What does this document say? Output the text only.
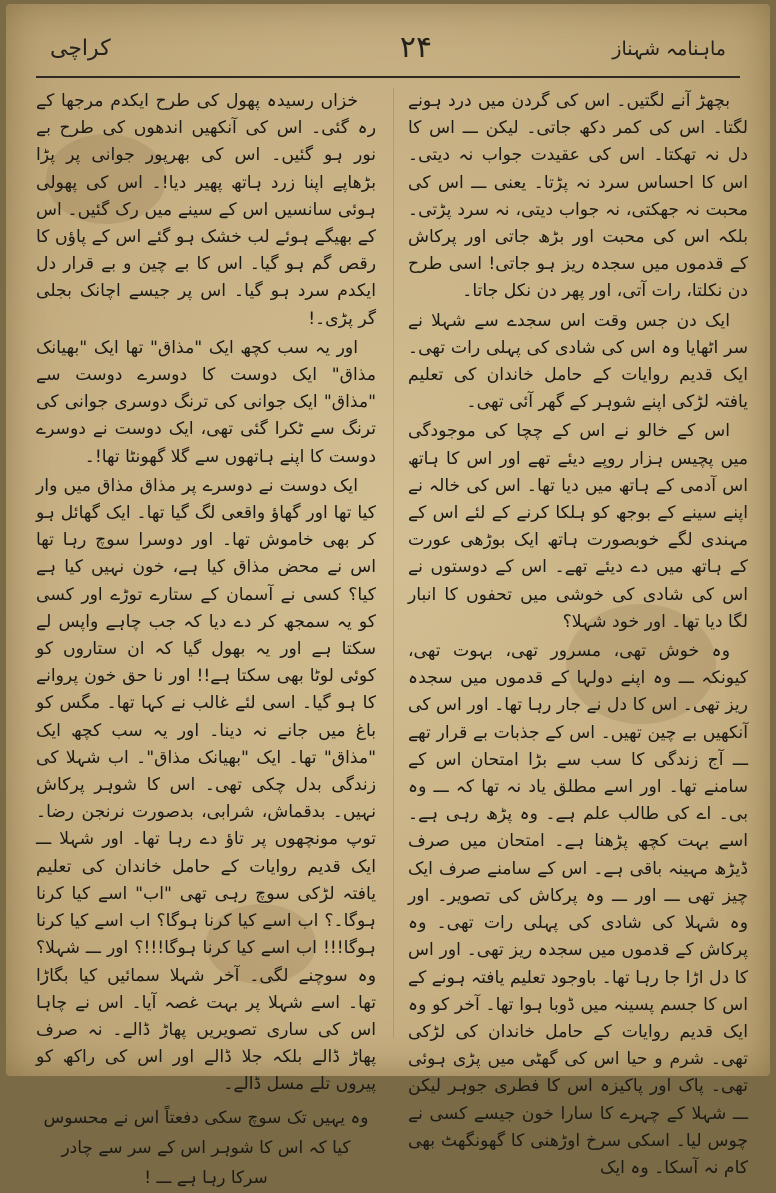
کراچی	۲۴	ماہنامہ شہناز

بچھڑ آنے لگتیں۔ اس کی گردن میں درد ہونے لگتا۔ اس کی کمر دکھ جاتی۔ لیکن ـــ اس کا دل نہ تھکتا۔ اس کی عقیدت جواب نہ دیتی۔ اس کا احساس سرد نہ پڑتا۔ یعنی ـــ اس کی محبت نہ جھکتی، نہ جواب دیتی، نہ سرد پڑتی۔ بلکہ اس کی محبت اور بڑھ جاتی اور پرکاش کے قدموں میں سجدہ ریز ہو جاتی! اسی طرح دن نکلتا، رات آتی، اور پھر دن نکل جاتا۔

ایک دن جس وقت اس سجدے سے شہلا نے سر اٹھایا وہ اس کی شادی کی پہلی رات تھی۔ ایک قدیم روایات کے حامل خاندان کی تعلیم یافتہ لڑکی اپنے شوہر کے گھر آئی تھی۔

اس کے خالو نے اس کے چچا کی موجودگی میں پچیس ہزار روپے دیئے تھے اور اس کا ہاتھ اس آدمی کے ہاتھ میں دیا تھا۔ اس کی خالہ نے اپنے سینے کے بوجھ کو ہلکا کرنے کے لئے اس کے مہندی لگے خوبصورت ہاتھ ایک بوڑھی عورت کے ہاتھ میں دے دیئے تھے۔ اس کے دوستوں نے اس کی شادی کی خوشی میں تحفوں کا انبار لگا دیا تھا۔ اور خود شہلا؟

وہ خوش تھی، مسرور تھی، بہوت تھی، کیونکہ ـــ وہ اپنے دولہا کے قدموں میں سجدہ ریز تھی۔ اس کا دل نے جار رہا تھا۔ اور اس کی آنکھیں بے چین تھیں۔ اس کے جذبات بے قرار تھے ـــ آج زندگی کا سب سے بڑا امتحان اس کے سامنے تھا۔ اور اسے مطلق یاد نہ تھا کہ ـــ وہ بی۔ اے کی طالب علم ہے۔ وہ پڑھ رہی ہے۔ اسے بہت کچھ پڑھنا ہے۔ امتحان میں صرف ڈیڑھ مہینہ باقی ہے۔ اس کے سامنے صرف ایک چیز تھی ـــ اور ـــ وہ پرکاش کی تصویر۔ اور وہ شہلا کی شادی کی پہلی رات تھی۔ وہ پرکاش کے قدموں میں سجدہ ریز تھی۔ اور اس کا دل اڑا جا رہا تھا۔ باوجود تعلیم یافتہ ہونے کے اس کا جسم پسینہ میں ڈوبا ہوا تھا۔ آخر کو وہ ایک قدیم روایات کے حامل خاندان کی لڑکی تھی۔ شرم و حیا اس کی گھٹی میں پڑی ہوئی تھی۔ پاک اور پاکیزہ اس کا فطری جوہر لیکن ـــ شہلا کے چہرے کا سارا خون جیسے کسی نے چوس لیا۔ اسکی سرخ اوڑھنی کا گھونگھٹ بھی کام نہ آسکا۔ وہ ایک

خزاں رسیدہ پھول کی طرح ایکدم مرجھا کے رہ گئی۔ اس کی آنکھیں اندھوں کی طرح بے نور ہو گئیں۔ اس کی بھرپور جوانی پر پڑا بڑھاپے اپنا زرد ہاتھ پھیر دیا!۔ اس کی پھولی ہوئی سانسیں اس کے سینے میں رک گئیں۔ اس کے بھیگے ہوئے لب خشک ہو گئے اس کے پاؤں کا رقص گم ہو گیا۔ اس کا بے چین و بے قرار دل ایکدم سرد ہو گیا۔ اس پر جیسے اچانک بجلی گر پڑی۔!

اور یہ سب کچھ ایک "مذاق" تھا ایک "بھیانک مذاق" ایک دوست کا دوسرے دوست سے "مذاق" ایک جوانی کی ترنگ دوسری جوانی کی ترنگ سے ٹکرا گئی تھی، ایک دوست نے دوسرے دوست کا اپنے ہاتھوں سے گلا گھونٹا تھا!۔

ایک دوست نے دوسرے پر مذاق مذاق میں وار کیا تھا اور گھاؤ واقعی لگ گیا تھا۔ ایک گھائل ہو کر بھی خاموش تھا۔ اور دوسرا سوچ رہا تھا اس نے محض مذاق کیا ہے، خون نہیں کیا ہے کیا؟ کسی نے آسمان کے ستارے توڑے اور کسی کو یہ سمجھ کر دے دیا کہ جب چاہے واپس لے سکتا ہے اور یہ بھول گیا کہ ان ستاروں کو کوئی لوٹا بھی سکتا ہے!! اور نا حق خون پروانے کا ہو گیا۔ اسی لئے غالب نے کہا تھا۔ مگس کو باغ میں جانے نہ دینا۔ اور یہ سب کچھ ایک "مذاق" تھا۔ ایک "بھیانک مذاق"۔ اب شہلا کی زندگی بدل چکی تھی۔ اس کا شوہر پرکاش نہیں۔ بدقماش، شرابی، بدصورت نرنجن رضا۔ توپ مونچھوں پر تاؤ دے رہا تھا۔ اور شہلا ـــ ایک قدیم روایات کے حامل خاندان کی تعلیم یافتہ لڑکی سوچ رہی تھی "اب" اسے کیا کرنا ہوگا۔؟ اب اسے کیا کرنا ہوگا؟ اب اسے کیا کرنا ہوگا!!! اب اسے کیا کرنا ہوگا!!!؟ اور ـــ شہلا؟ وہ سوچنے لگی۔ آخر شہلا سمائیں کیا بگاڑا تھا۔ اسے شہلا پر بہت غصہ آیا۔ اس نے چاہا اس کی ساری تصویریں پھاڑ ڈالے۔ نہ صرف پھاڑ ڈالے بلکہ جلا ڈالے اور اس کی راکھ کو پیروں تلے مسل ڈالے۔

وہ یہیں تک سوچ سکی دفعتاً اس نے محسوس
کیا کہ اس کا شوہر اس کے سر سے چادر
سرکا رہا ہے ـــ !
